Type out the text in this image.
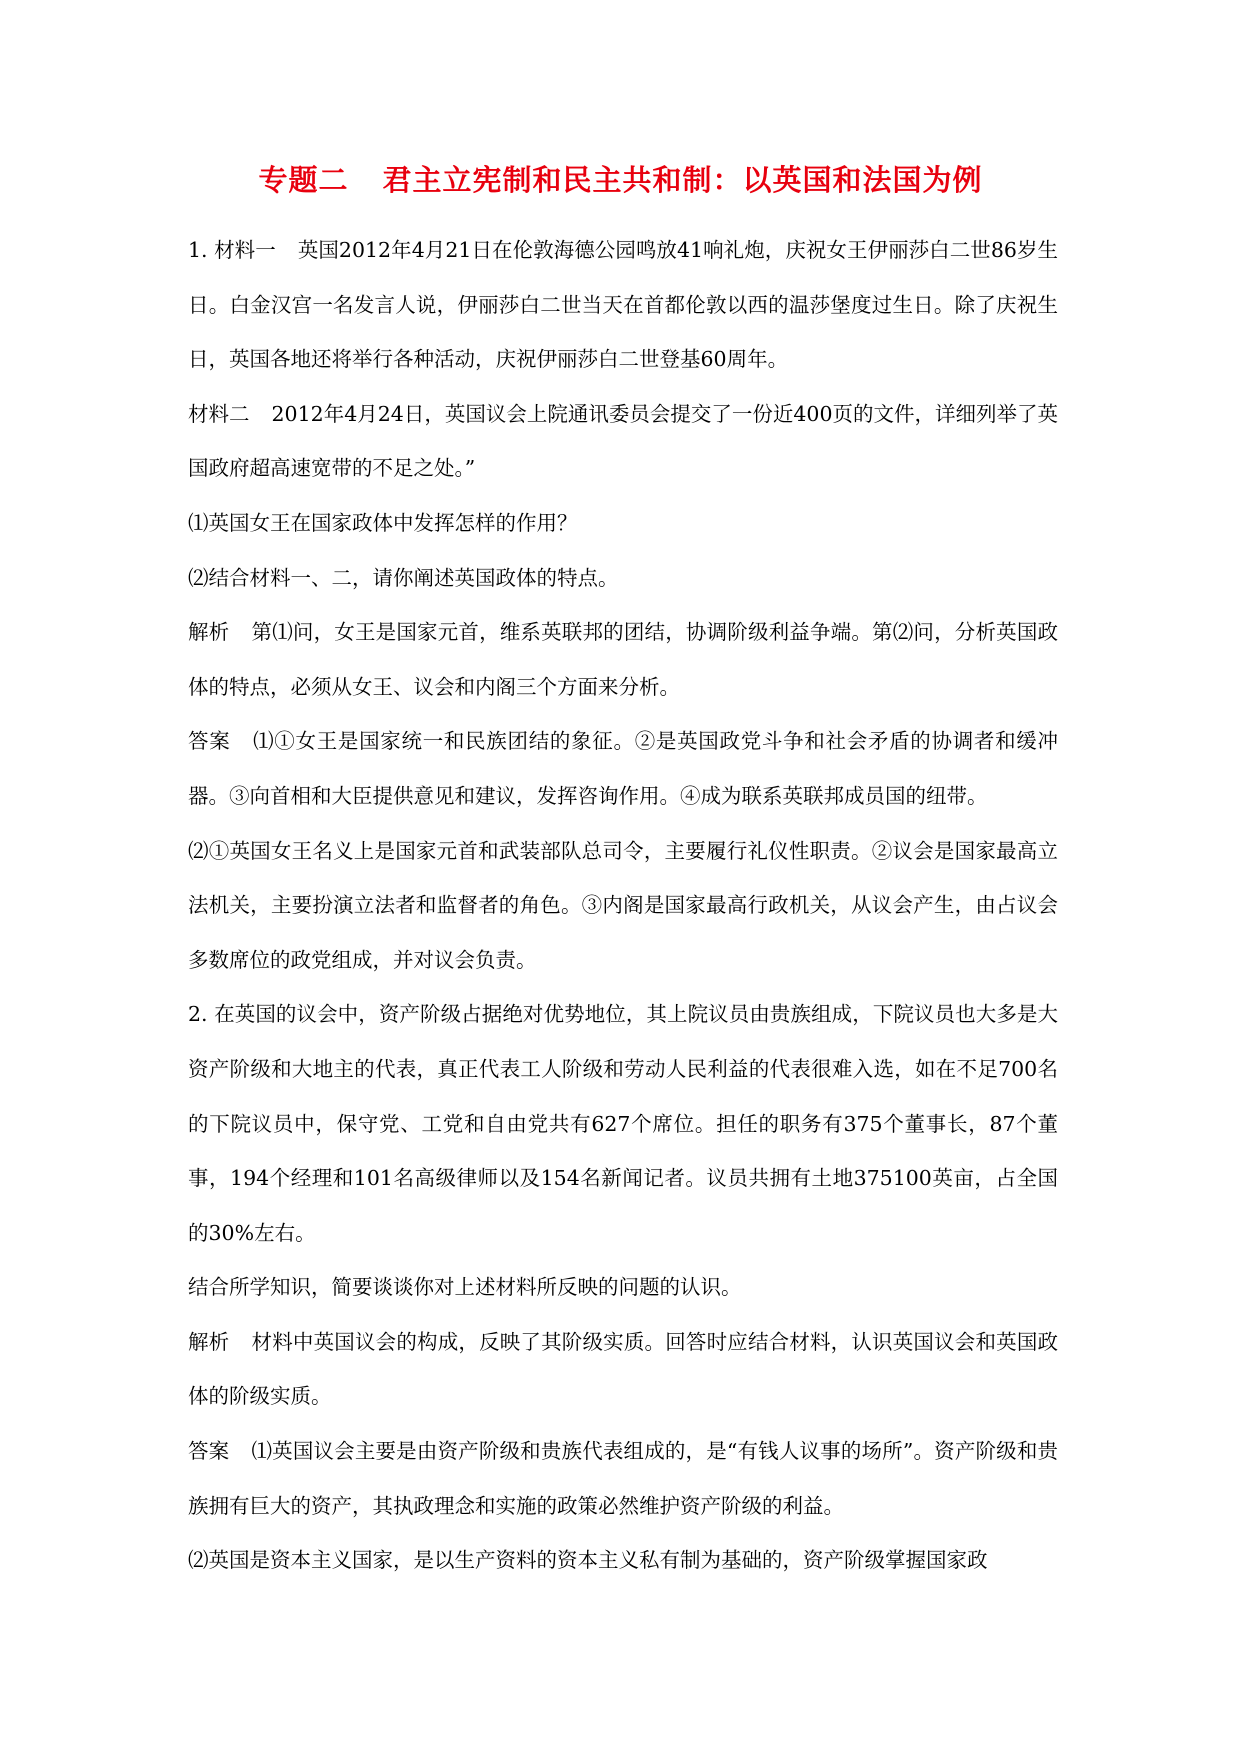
专题二 君主立宪制和民主共和制：以英国和法国为例

1. 材料一 英国2012年4月21日在伦敦海德公园鸣放41响礼炮，庆祝女王伊丽莎白二世86岁生日。白金汉宫一名发言人说，伊丽莎白二世当天在首都伦敦以西的温莎堡度过生日。除了庆祝生日，英国各地还将举行各种活动，庆祝伊丽莎白二世登基60周年。

材料二 2012年4月24日，英国议会上院通讯委员会提交了一份近400页的文件，详细列举了英国政府超高速宽带的不足之处。”

⑴英国女王在国家政体中发挥怎样的作用？

⑵结合材料一、二，请你阐述英国政体的特点。

解析 第⑴问，女王是国家元首，维系英联邦的团结，协调阶级利益争端。第⑵问，分析英国政体的特点，必须从女王、议会和内阁三个方面来分析。

答案 ⑴①女王是国家统一和民族团结的象征。②是英国政党斗争和社会矛盾的协调者和缓冲器。③向首相和大臣提供意见和建议，发挥咨询作用。④成为联系英联邦成员国的纽带。

⑵①英国女王名义上是国家元首和武装部队总司令，主要履行礼仪性职责。②议会是国家最高立法机关，主要扮演立法者和监督者的角色。③内阁是国家最高行政机关，从议会产生，由占议会多数席位的政党组成，并对议会负责。

2. 在英国的议会中，资产阶级占据绝对优势地位，其上院议员由贵族组成，下院议员也大多是大资产阶级和大地主的代表，真正代表工人阶级和劳动人民利益的代表很难入选，如在不足700名的下院议员中，保守党、工党和自由党共有627个席位。担任的职务有375个董事长，87个董事，194个经理和101名高级律师以及154名新闻记者。议员共拥有土地375100英亩，占全国的30%左右。

结合所学知识，简要谈谈你对上述材料所反映的问题的认识。

解析 材料中英国议会的构成，反映了其阶级实质。回答时应结合材料，认识英国议会和英国政体的阶级实质。

答案 ⑴英国议会主要是由资产阶级和贵族代表组成的，是“有钱人议事的场所”。资产阶级和贵族拥有巨大的资产，其执政理念和实施的政策必然维护资产阶级的利益。

⑵英国是资本主义国家，是以生产资料的资本主义私有制为基础的，资产阶级掌握国家政
